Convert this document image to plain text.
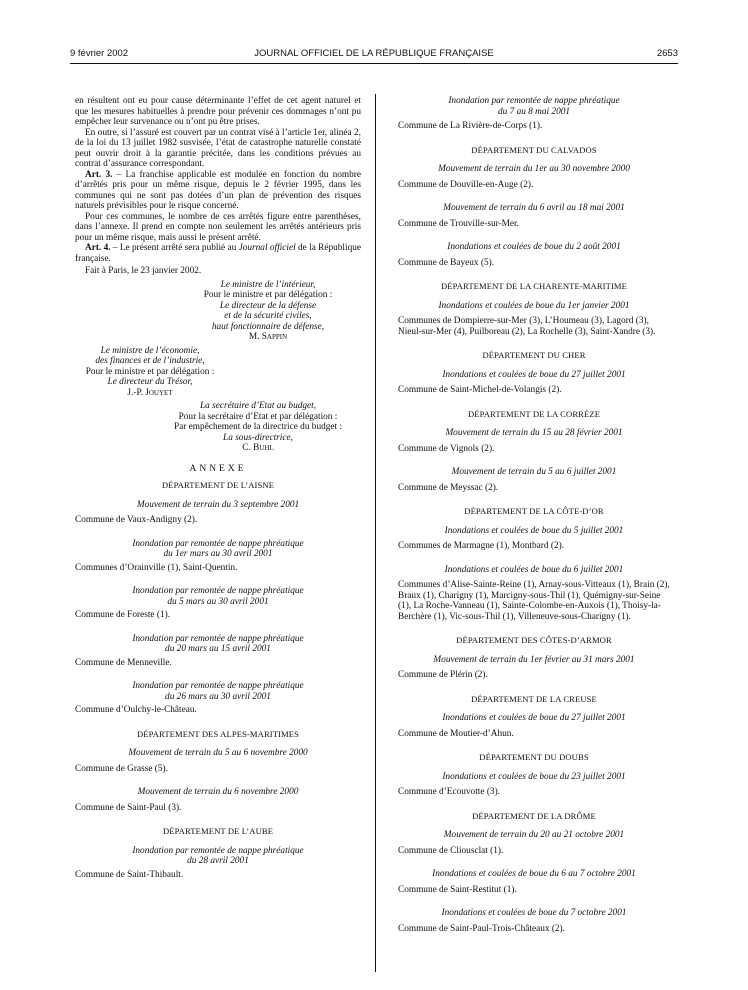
9 février 2002	JOURNAL OFFICIEL DE LA RÉPUBLIQUE FRANÇAISE	2653

en résultent ont eu pour cause déterminante l’effet de cet agent naturel et que les mesures habituelles à prendre pour prévenir ces dommages n’ont pu empêcher leur survenance ou n’ont pu être prises.

En outre, si l’assuré est couvert par un contrat visé à l’article 1er, alinéa 2, de la loi du 13 juillet 1982 susvisée, l’état de catastrophe naturelle constaté peut ouvrir droit à la garantie précitée, dans les conditions prévues au contrat d’assurance correspondant.

Art. 3. – La franchise applicable est modulée en fonction du nombre d’arrêtés pris pour un même risque, depuis le 2 février 1995, dans les communes qui ne sont pas dotées d’un plan de prévention des risques naturels prévisibles pour le risque concerné.

Pour ces communes, le nombre de ces arrêtés figure entre parenthèses, dans l’annexe. Il prend en compte non seulement les arrêtés antérieurs pris pour un même risque, mais aussi le présent arrêté.

Art. 4. – Le présent arrêté sera publié au Journal officiel de la République française.

Fait à Paris, le 23 janvier 2002.

Le ministre de l’intérieur,

Pour le ministre et par délégation :

Le directeur de la défense

et de la sécurité civiles,

haut fonctionnaire de défense,

M. Sappin

Le ministre de l’économie,

des finances et de l’industrie,

Pour le ministre et par délégation :

Le directeur du Trésor,

J.-P. Jouyet

La secrétaire d’Etat au budget,

Pour la secrétaire d’Etat et par délégation :

Par empêchement de la directrice du budget :

La sous-directrice,

C. Buhl

ANNEXE

DÉPARTEMENT DE L’AISNE

Mouvement de terrain du 3 septembre 2001

Commune de Vaux-Andigny (2).

Inondation par remontée de nappe phréatique

du 1er mars au 30 avril 2001

Communes d’Orainville (1), Saint-Quentin.

Inondation par remontée de nappe phréatique

du 5 mars au 30 avril 2001

Commune de Foreste (1).

Inondation par remontée de nappe phréatique

du 20 mars au 15 avril 2001

Commune de Menneville.

Inondation par remontée de nappe phréatique

du 26 mars au 30 avril 2001

Commune d’Oulchy-le-Château.

DÉPARTEMENT DES ALPES-MARITIMES

Mouvement de terrain du 5 au 6 novembre 2000

Commune de Grasse (5).

Mouvement de terrain du 6 novembre 2000

Commune de Saint-Paul (3).

DÉPARTEMENT DE L’AUBE

Inondation par remontée de nappe phréatique

du 28 avril 2001

Commune de Saint-Thibault.

Inondation par remontée de nappe phréatique

du 7 au 8 mai 2001

Commune de La Rivière-de-Corps (1).

DÉPARTEMENT DU CALVADOS

Mouvement de terrain du 1er au 30 novembre 2000

Commune de Douville-en-Auge (2).

Mouvement de terrain du 6 avril au 18 mai 2001

Commune de Trouville-sur-Mer.

Inondations et coulées de boue du 2 août 2001

Commune de Bayeux (5).

DÉPARTEMENT DE LA CHARENTE-MARITIME

Inondations et coulées de boue du 1er janvier 2001

Communes de Dompierre-sur-Mer (3), L’Houmeau (3), Lagord (3), Nieul-sur-Mer (4), Puilboreau (2), La Rochelle (3), Saint-Xandre (3).

DÉPARTEMENT DU CHER

Inondations et coulées de boue du 27 juillet 2001

Commune de Saint-Michel-de-Volangis (2).

DÉPARTEMENT DE LA CORRÈZE

Mouvement de terrain du 15 au 28 février 2001

Commune de Vignols (2).

Mouvement de terrain du 5 au 6 juillet 2001

Commune de Meyssac (2).

DÉPARTEMENT DE LA CÔTE-D’OR

Inondations et coulées de boue du 5 juillet 2001

Communes de Marmagne (1), Montbard (2).

Inondations et coulées de boue du 6 juillet 2001

Communes d’Alise-Sainte-Reine (1), Arnay-sous-Vitteaux (1), Brain (2), Braux (1), Charigny (1), Marcigny-sous-Thil (1), Quémigny-sur-Seine (1), La Roche-Vanneau (1), Sainte-Colombe-en-Auxois (1), Thoisy-la-Berchère (1), Vic-sous-Thil (1), Villeneuve-sous-Charigny (1).

DÉPARTEMENT DES CÔTES-D’ARMOR

Mouvement de terrain du 1er février au 31 mars 2001

Commune de Plérin (2).

DÉPARTEMENT DE LA CREUSE

Inondations et coulées de boue du 27 juillet 2001

Commune de Moutier-d’Ahun.

DÉPARTEMENT DU DOUBS

Inondations et coulées de boue du 23 juillet 2001

Commune d’Ecouvotte (3).

DÉPARTEMENT DE LA DRÔME

Mouvement de terrain du 20 au 21 octobre 2001

Commune de Cliousclat (1).

Inondations et coulées de boue du 6 au 7 octobre 2001

Commune de Saint-Restitut (1).

Inondations et coulées de boue du 7 octobre 2001

Commune de Saint-Paul-Trois-Châteaux (2).
